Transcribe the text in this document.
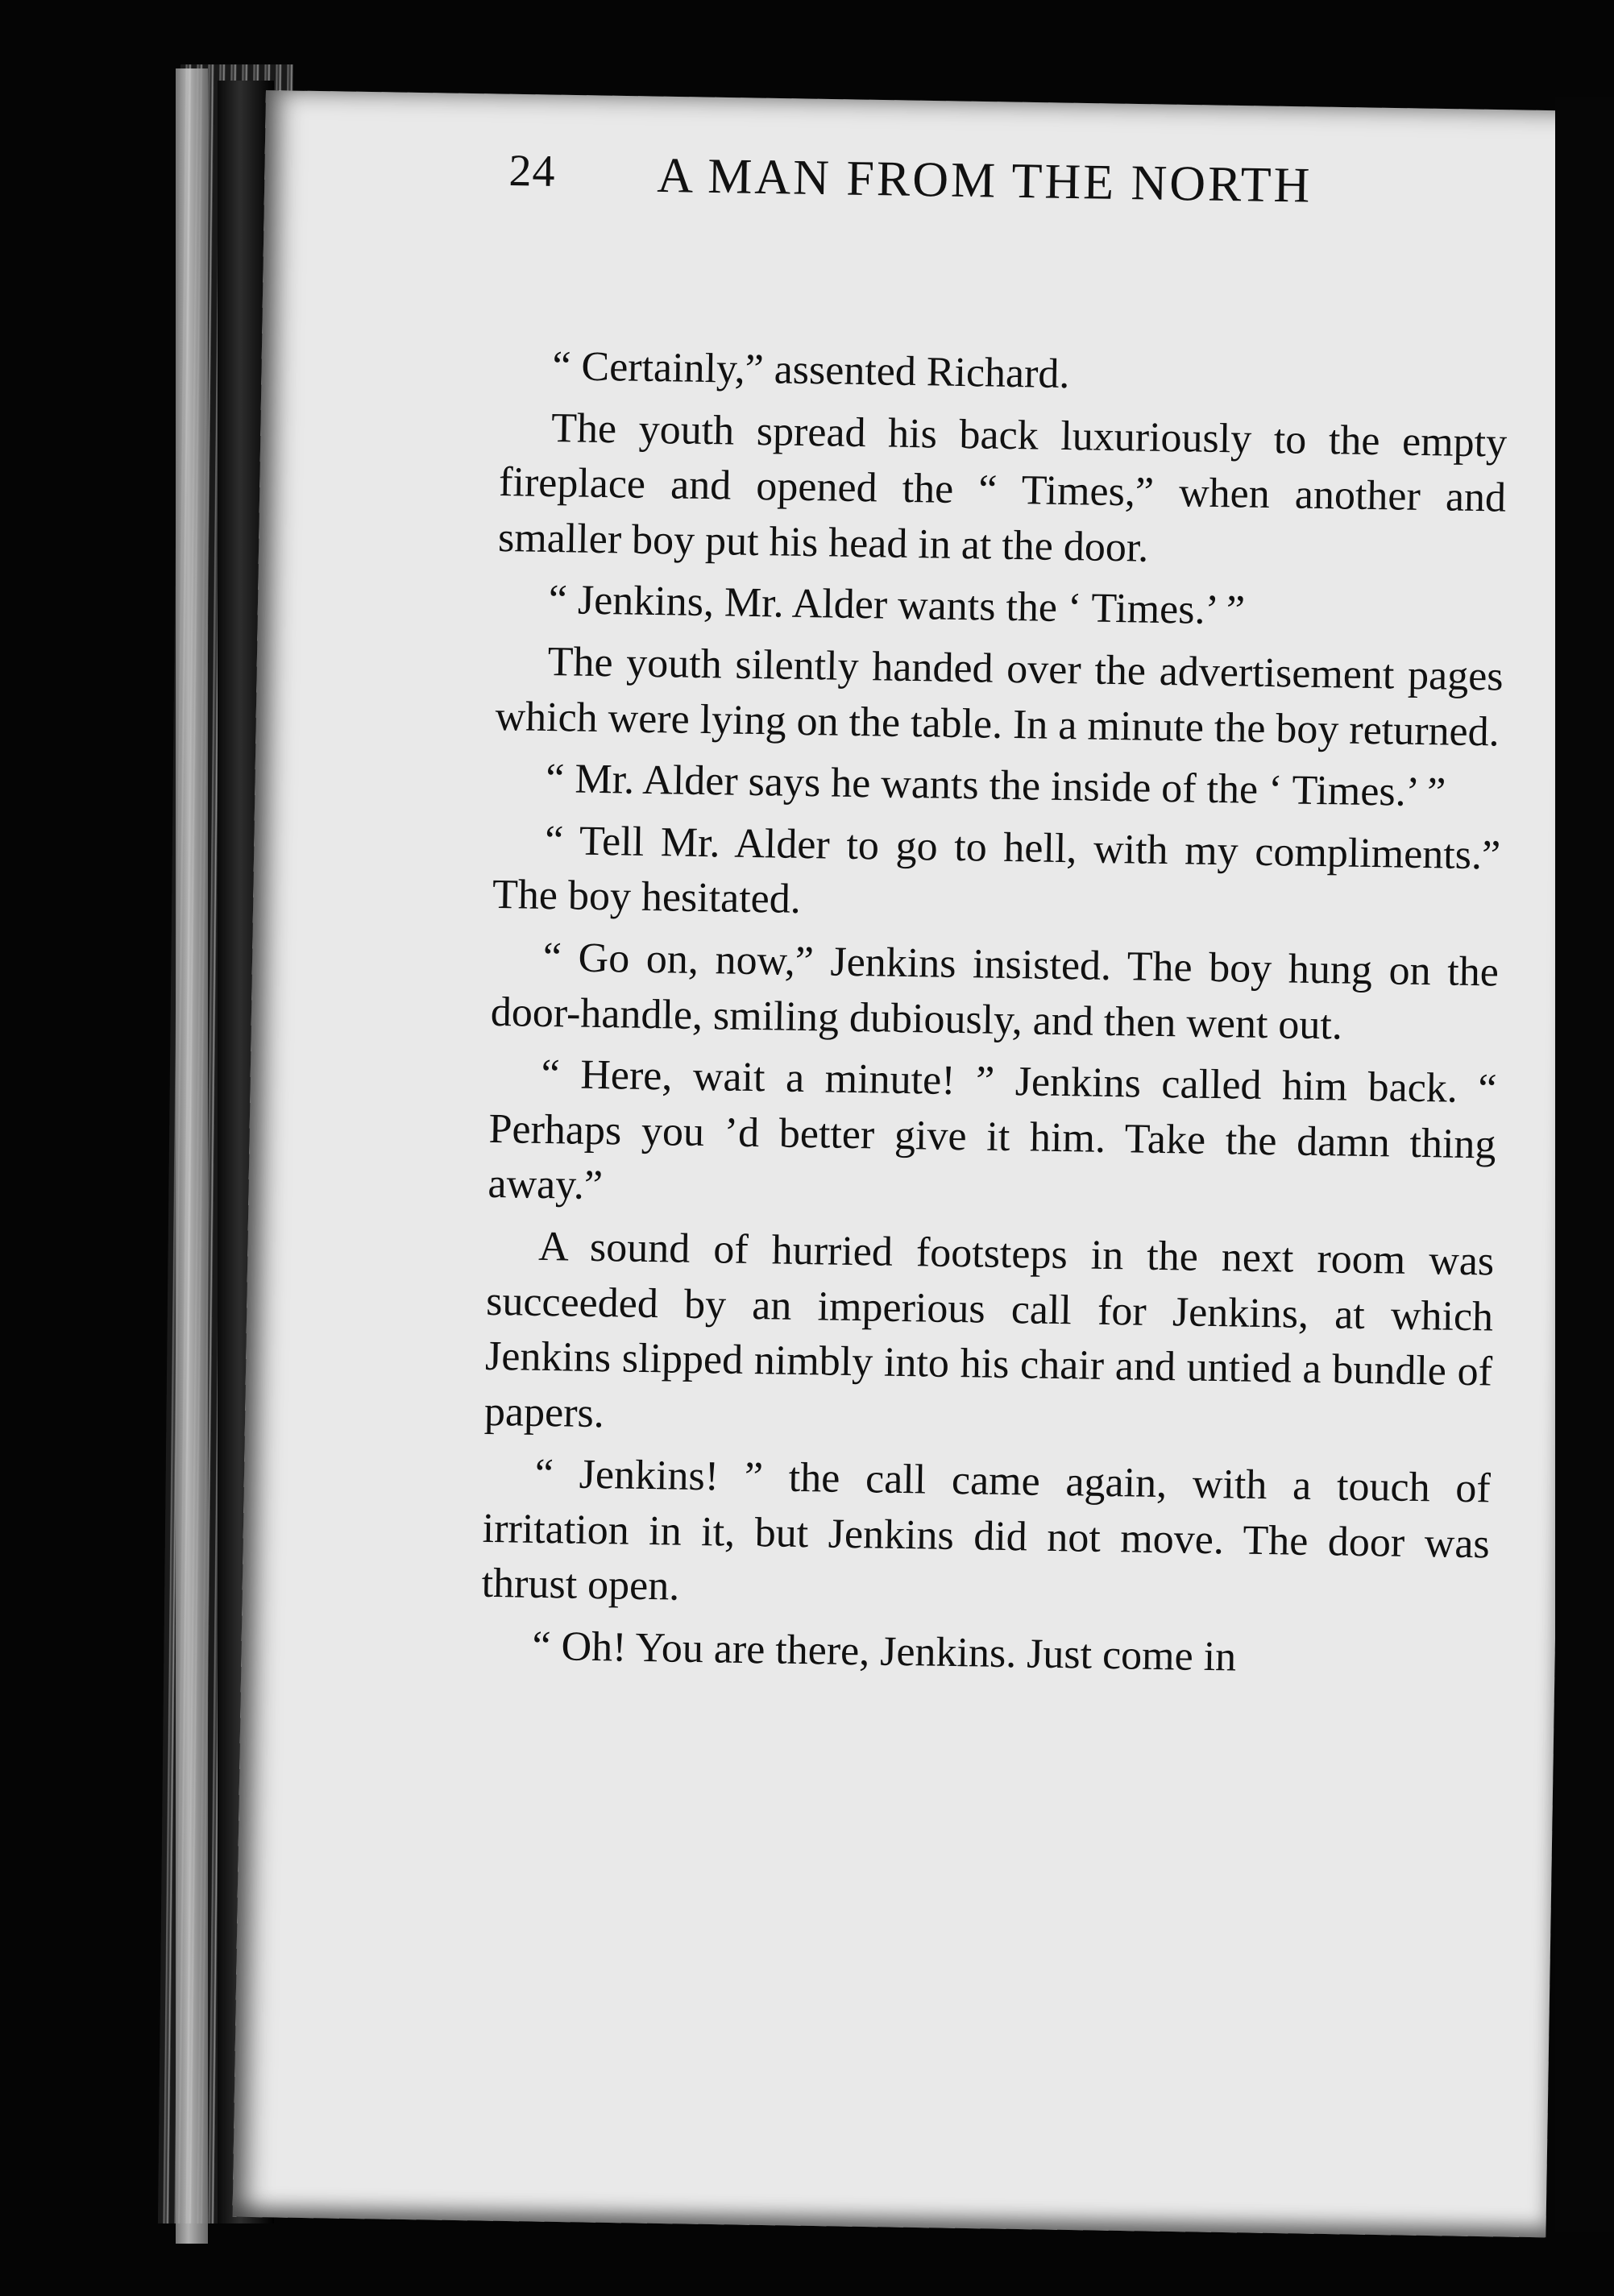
24 A MAN FROM THE NORTH

“ Certainly,” assented Richard.

The youth spread his back luxuriously to the empty fireplace and opened the “ Times,” when another and smaller boy put his head in at the door.

“ Jenkins, Mr. Alder wants the ‘ Times.’ ”

The youth silently handed over the advertisement pages which were lying on the table. In a minute the boy returned.

“ Mr. Alder says he wants the inside of the ‘ Times.’ ”

“ Tell Mr. Alder to go to hell, with my compliments.” The boy hesitated.

“ Go on, now,” Jenkins insisted. The boy hung on the door-handle, smiling dubiously, and then went out.

“ Here, wait a minute! ” Jenkins called him back. “ Perhaps you ’d better give it him. Take the damn thing away.”

A sound of hurried footsteps in the next room was succeeded by an imperious call for Jenkins, at which Jenkins slipped nimbly into his chair and untied a bundle of papers.

“ Jenkins! ” the call came again, with a touch of irritation in it, but Jenkins did not move. The door was thrust open.

“ Oh! You are there, Jenkins. Just come in
